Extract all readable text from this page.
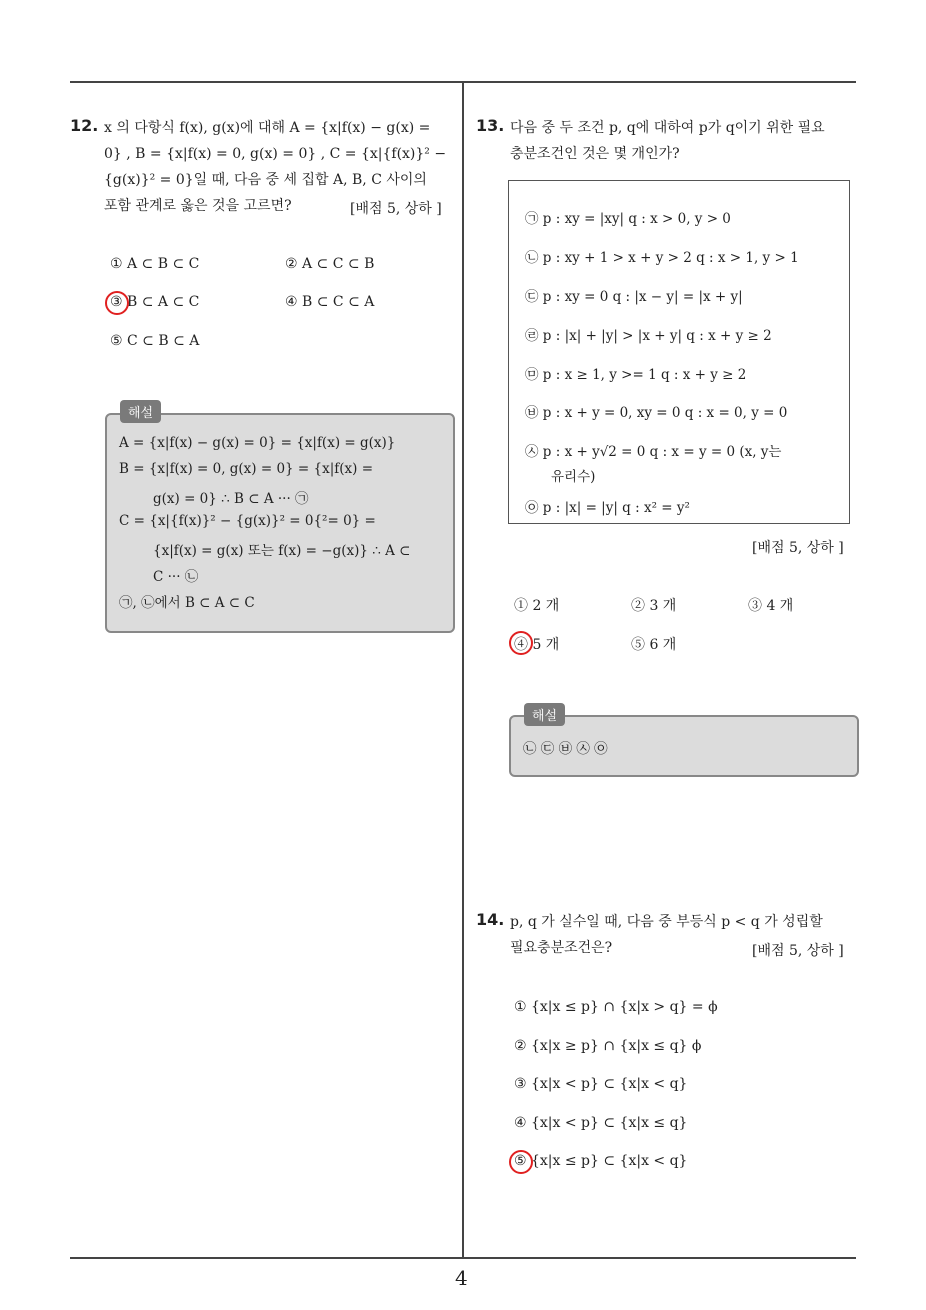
4
12. x 의 다항식 f(x), g(x)에 대해 A = {x|f(x) − g(x) =
0} , B = {x|f(x) = 0, g(x) = 0} , C = {x|{f(x)}² −
{g(x)}² = 0}일 때, 다음 중 세 집합 A, B, C 사이의
포함 관계로 옳은 것을 고르면?	[배점 5, 상하 ]
① A ⊂ B ⊂ C	② A ⊂ C ⊂ B
③ B ⊂ A ⊂ C	④ B ⊂ C ⊂ A
⑤ C ⊂ B ⊂ A
A = {x|f(x) − g(x) = 0} = {x|f(x) = g(x)}
B = {x|f(x) = 0, g(x) = 0} = {x|f(x) =
g(x) = 0} ∴ B ⊂ A ··· ㉠
C = {x|{f(x)}² − {g(x)}² = 0{²= 0} =
{x|f(x) = g(x) 또는 f(x) = −g(x)} ∴ A ⊂
C ··· ㉡
㉠, ㉡에서 B ⊂ A ⊂ C
해설
13. 다음 중 두 조건 p, q에 대하여 p가 q이기 위한 필요
충분조건인 것은 몇 개인가?
㉠ p : xy = |xy| q : x > 0, y > 0
㉡ p : xy + 1 > x + y > 2 q : x > 1, y > 1
㉢ p : xy = 0 q : |x − y| = |x + y|
㉣ p : |x| + |y| > |x + y| q : x + y ≥ 2
㉤ p : x ≥ 1, y >= 1 q : x + y ≥ 2
㉥ p : x + y = 0, xy = 0 q : x = 0, y = 0
㉦ p : x + y√2 = 0 q : x = y = 0 (x, y는
유리수)
㉧ p : |x| = |y| q : x² = y²
[배점 5, 상하 ]
① 2 개	② 3 개	③ 4 개
④ 5 개	⑤ 6 개
㉡ ㉢ ㉥ ㉦ ㉧
해설
14. p, q 가 실수일 때, 다음 중 부등식 p < q 가 성립할
필요충분조건은?	[배점 5, 상하 ]
① {x|x ≤ p} ∩ {x|x > q} = ϕ
② {x|x ≥ p} ∩ {x|x ≤ q} ϕ
③ {x|x < p} ⊂ {x|x < q}
④ {x|x < p} ⊂ {x|x ≤ q}
⑤ {x|x ≤ p} ⊂ {x|x < q}
